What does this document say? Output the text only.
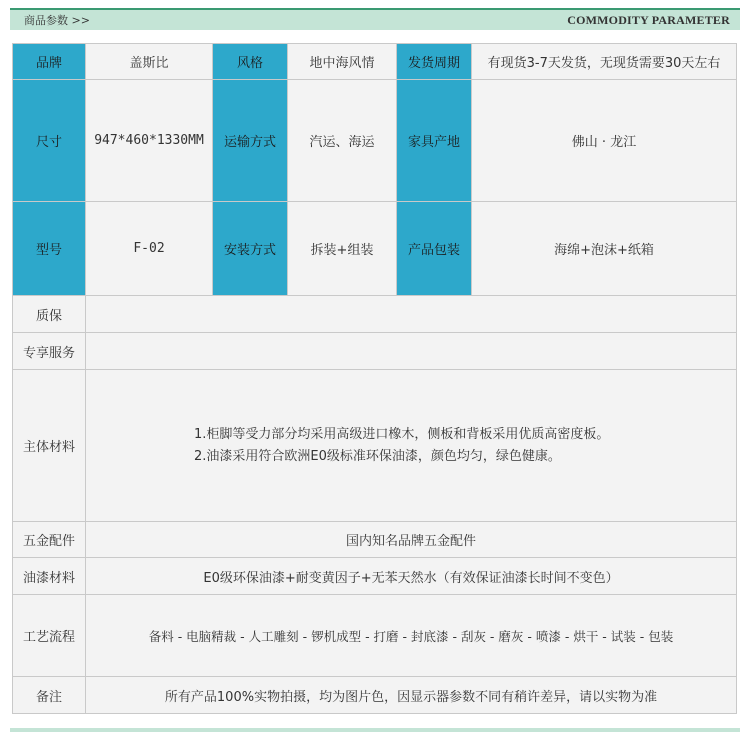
商品参数 >>	COMMODITY PARAMETER
品牌	盖斯比	风格	地中海风情	发货周期	有现货3-7天发货，无现货需要30天左右
尺寸	947*460*1330MM	运输方式	汽运、海运	家具产地	佛山 · 龙江
型号	F-02	安装方式	拆装+组装	产品包装	海绵+泡沫+纸箱
质保					
专享服务					
主体材料	1.柜脚等受力部分均采用高级进口橡木，侧板和背板采用优质高密度板。
2.油漆采用符合欧洲E0级标准环保油漆，颜色均匀，绿色健康。				

五金配件	国内知名品牌五金配件				
油漆材料	E0级环保油漆+耐变黄因子+无苯天然水（有效保证油漆长时间不变色）				
工艺流程	备料 - 电脑精裁 - 人工雕刻 - 锣机成型 - 打磨 - 封底漆 - 刮灰 - 磨灰 - 喷漆 - 烘干 - 试装 - 包装				
备注	所有产品100%实物拍摄，均为图片色，因显示器参数不同有稍许差异，请以实物为准				
